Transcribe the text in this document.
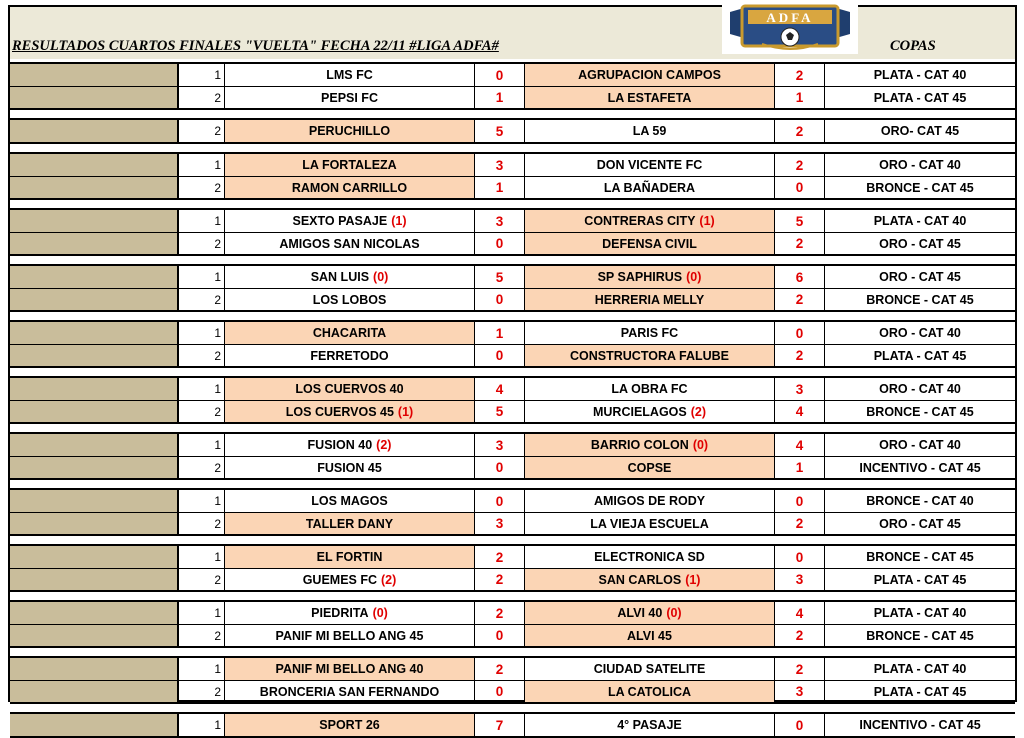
RESULTADOS CUARTOS FINALES "VUELTA" FECHA 22/11 #LIGA ADFA#
ADFA
COPAS
1	LMS FC	0	AGRUPACION CAMPOS	2	PLATA - CAT 40
2	PEPSI FC	1	LA ESTAFETA	1	PLATA - CAT 45
2	PERUCHILLO	5	LA 59	2	ORO- CAT 45
1	LA FORTALEZA	3	DON VICENTE FC	2	ORO - CAT 40
2	RAMON CARRILLO	1	LA BAÑADERA	0	BRONCE - CAT 45
1	SEXTO PASAJE (1)	3	CONTRERAS CITY (1)	5	PLATA - CAT 40
2	AMIGOS SAN NICOLAS	0	DEFENSA CIVIL	2	ORO - CAT 45
1	SAN LUIS (0)	5	SP SAPHIRUS (0)	6	ORO - CAT 45
2	LOS LOBOS	0	HERRERIA MELLY	2	BRONCE - CAT 45
1	CHACARITA	1	PARIS FC	0	ORO - CAT 40
2	FERRETODO	0	CONSTRUCTORA FALUBE	2	PLATA - CAT 45
1	LOS CUERVOS 40	4	LA OBRA FC	3	ORO - CAT 40
2	LOS CUERVOS 45 (1)	5	MURCIELAGOS (2)	4	BRONCE - CAT 45
1	FUSION 40 (2)	3	BARRIO COLON (0)	4	ORO - CAT 40
2	FUSION 45	0	COPSE	1	INCENTIVO - CAT 45
1	LOS MAGOS	0	AMIGOS DE RODY	0	BRONCE - CAT 40
2	TALLER DANY	3	LA VIEJA ESCUELA	2	ORO - CAT 45
1	EL FORTIN	2	ELECTRONICA SD	0	BRONCE - CAT 45
2	GUEMES FC (2)	2	SAN CARLOS (1)	3	PLATA - CAT 45
1	PIEDRITA (0)	2	ALVI 40 (0)	4	PLATA - CAT 40
2	PANIF MI BELLO ANG 45	0	ALVI 45	2	BRONCE - CAT 45
1	PANIF MI BELLO ANG 40	2	CIUDAD SATELITE	2	PLATA - CAT 40
2	BRONCERIA SAN FERNANDO	0	LA CATOLICA	3	PLATA - CAT 45
1	SPORT 26	7	4° PASAJE	0	INCENTIVO - CAT 45
